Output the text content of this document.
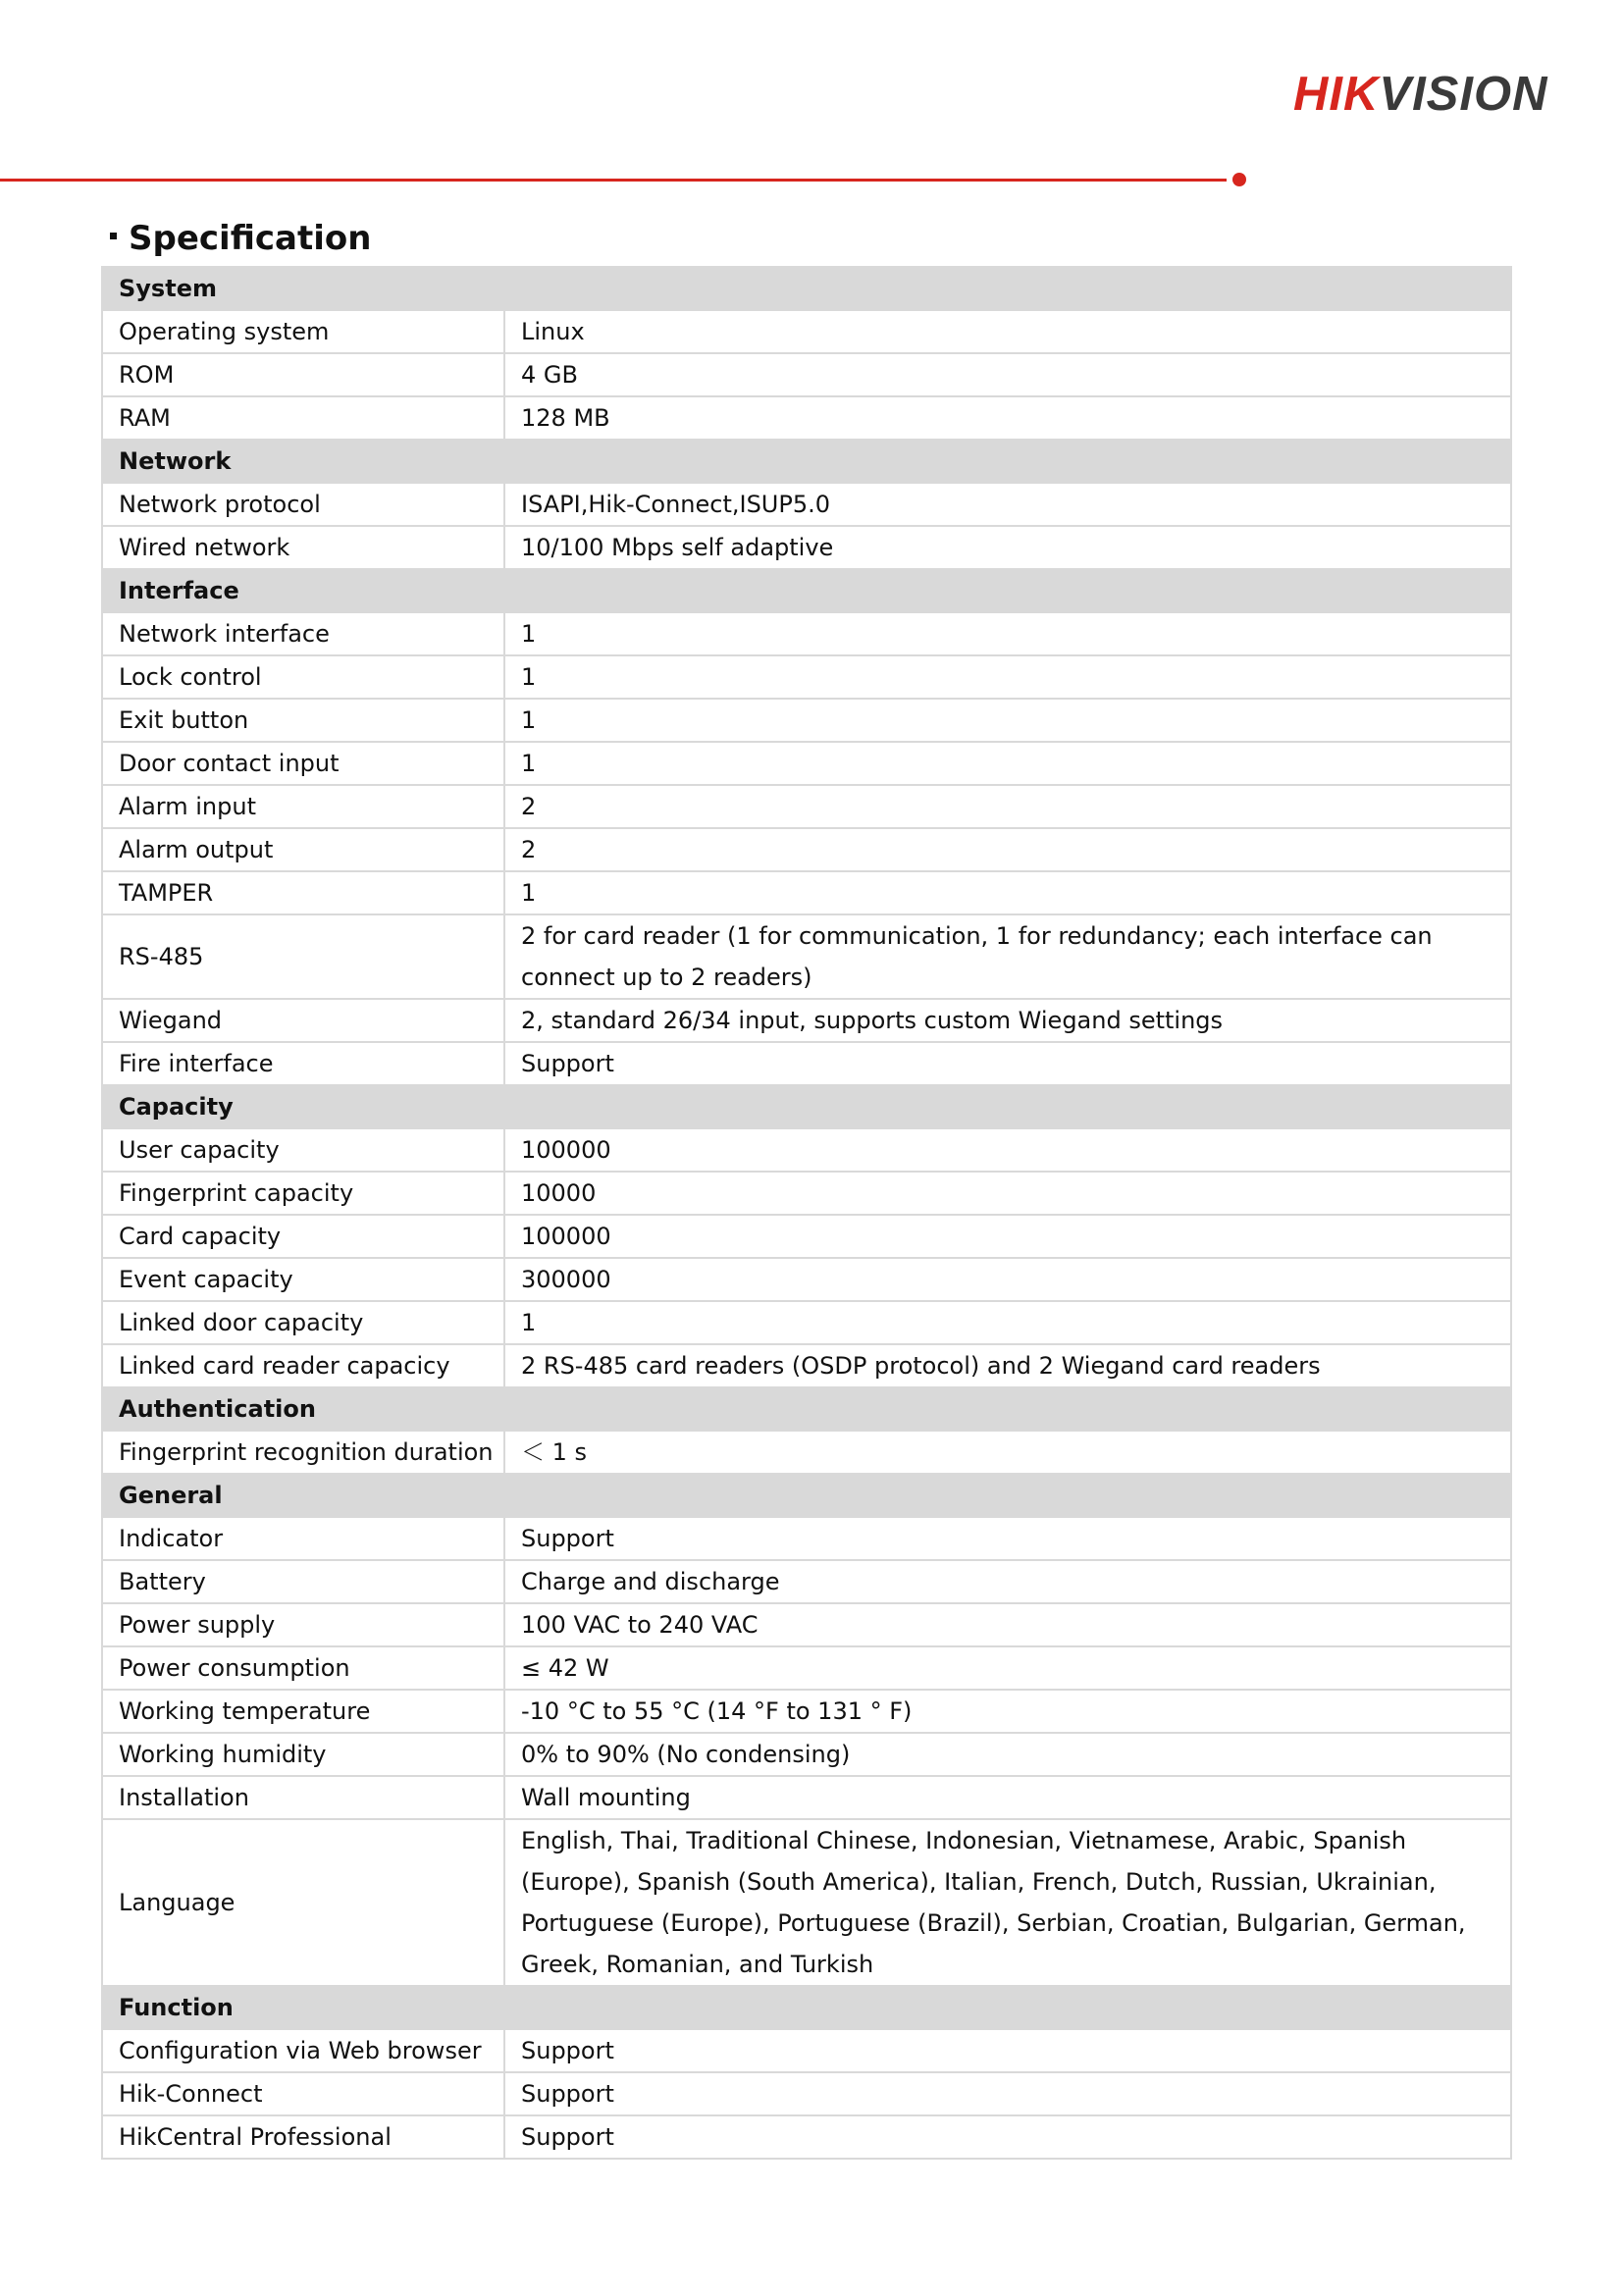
HIKVISION
Specification
System	
Operating system	Linux
ROM	4 GB
RAM	128 MB
Network	
Network protocol	ISAPI,Hik-Connect,ISUP5.0
Wired network	10/100 Mbps self adaptive
Interface	
Network interface	1
Lock control	1
Exit button	1
Door contact input	1
Alarm input	2
Alarm output	2
TAMPER	1
RS-485	2 for card reader (1 for communication, 1 for redundancy; each interface can connect up to 2 readers)
Wiegand	2, standard 26/34 input, supports custom Wiegand settings
Fire interface	Support
Capacity	
User capacity	100000
Fingerprint capacity	10000
Card capacity	100000
Event capacity	300000
Linked door capacity	1
Linked card reader capacicy	2 RS-485 card readers (OSDP protocol) and 2 Wiegand card readers
Authentication	
Fingerprint recognition duration	＜ 1 s
General	
Indicator	Support
Battery	Charge and discharge
Power supply	100 VAC to 240 VAC
Power consumption	≤ 42 W
Working temperature	-10 °C to 55 °C (14 °F to 131 ° F)
Working humidity	0% to 90% (No condensing)
Installation	Wall mounting
Language	English, Thai, Traditional Chinese, Indonesian, Vietnamese, Arabic, Spanish (Europe), Spanish (South America), Italian, French, Dutch, Russian, Ukrainian, Portuguese (Europe), Portuguese (Brazil), Serbian, Croatian, Bulgarian, German, Greek, Romanian, and Turkish
Function	
Configuration via Web browser	Support
Hik-Connect	Support
HikCentral Professional	Support
